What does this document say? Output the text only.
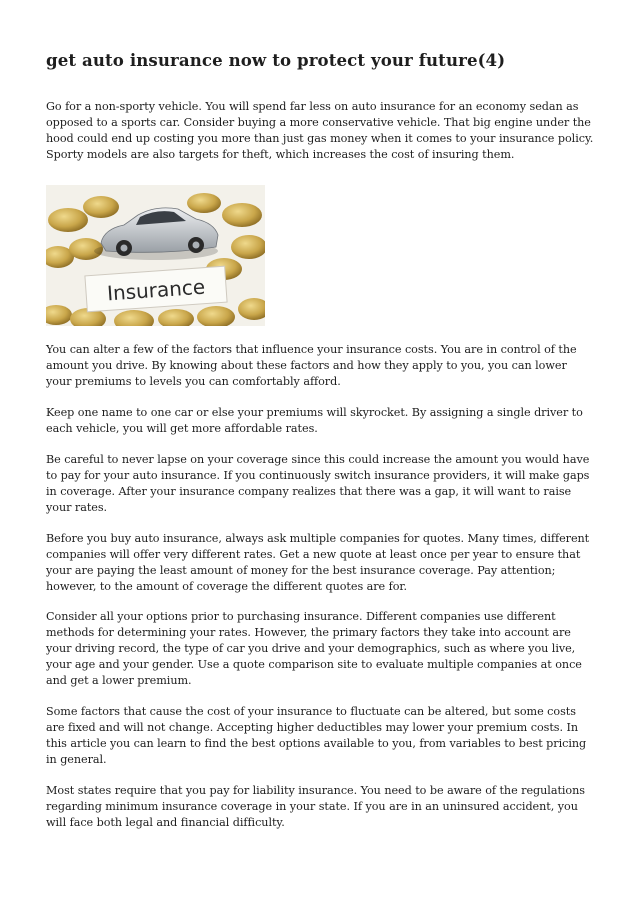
get auto insurance now to protect your future(4)

Go for a non-sporty vehicle. You will spend far less on auto insurance for an economy sedan as opposed to a sports car. Consider buying a more conservative vehicle. That big engine under the hood could end up costing you more than just gas money when it comes to your insurance policy. Sporty models are also targets for theft, which increases the cost of insuring them.

Insurance

You can alter a few of the factors that influence your insurance costs. You are in control of the amount you drive. By knowing about these factors and how they apply to you, you can lower your premiums to levels you can comfortably afford.

Keep one name to one car or else your premiums will skyrocket. By assigning a single driver to each vehicle, you will get more affordable rates.

Be careful to never lapse on your coverage since this could increase the amount you would have to pay for your auto insurance. If you continuously switch insurance providers, it will make gaps in coverage. After your insurance company realizes that there was a gap, it will want to raise your rates.

Before you buy auto insurance, always ask multiple companies for quotes. Many times, different companies will offer very different rates. Get a new quote at least once per year to ensure that your are paying the least amount of money for the best insurance coverage. Pay attention; however, to the amount of coverage the different quotes are for.

Consider all your options prior to purchasing insurance. Different companies use different methods for determining your rates. However, the primary factors they take into account are your driving record, the type of car you drive and your demographics, such as where you live, your age and your gender. Use a quote comparison site to evaluate multiple companies at once and get a lower premium.

Some factors that cause the cost of your insurance to fluctuate can be altered, but some costs are fixed and will not change. Accepting higher deductibles may lower your premium costs. In this article you can learn to find the best options available to you, from variables to best pricing in general.

Most states require that you pay for liability insurance. You need to be aware of the regulations regarding minimum insurance coverage in your state. If you are in an uninsured accident, you will face both legal and financial difficulty.
